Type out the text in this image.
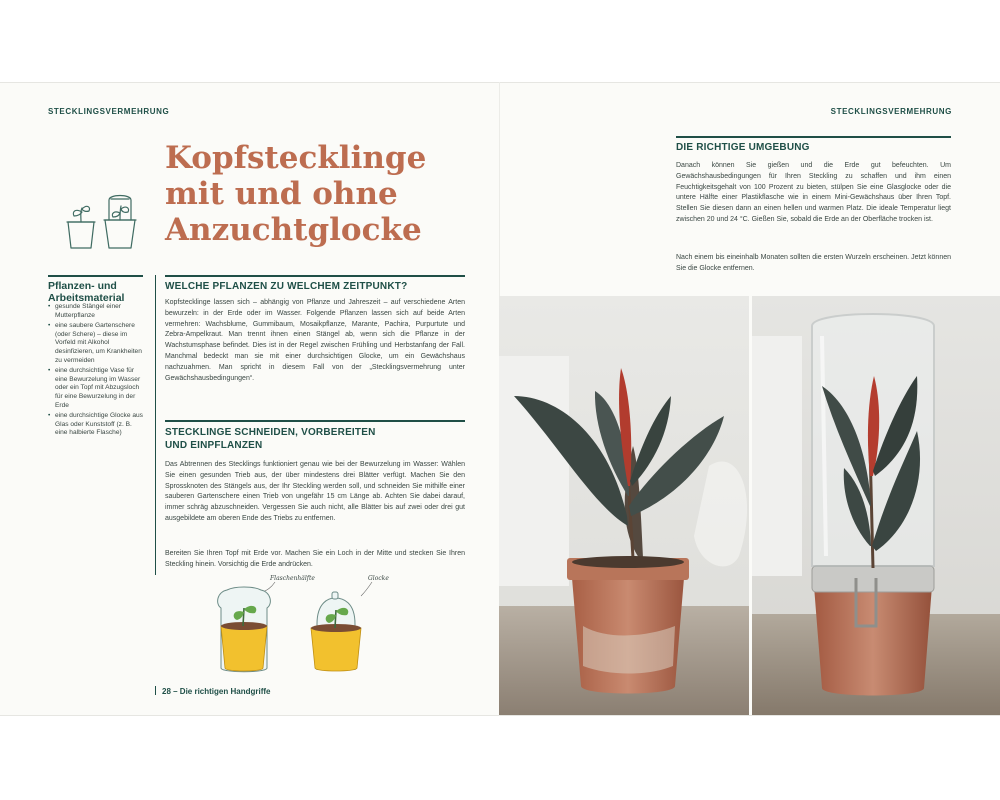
STECKLINGSVERMEHRUNG
Kopfstecklinge
mit und ohne
Anzuchtglocke
Pflanzen- und
Arbeitsmaterial
• gesunde Stängel einer Mutterpflanze
• eine saubere Gartenschere (oder Schere) – diese im Vorfeld mit Alkohol desinfizieren, um Krankheiten zu vermeiden
• eine durchsichtige Vase für eine Bewurzelung im Wasser oder ein Topf mit Abzugsloch für eine Bewurzelung in der Erde
• eine durchsichtige Glocke aus Glas oder Kunststoff (z. B. eine halbierte Flasche)
WELCHE PFLANZEN ZU WELCHEM ZEITPUNKT?
Kopfstecklinge lassen sich – abhängig von Pflanze und Jahreszeit – auf verschiedene Arten bewurzeln: in der Erde oder im Wasser. Folgende Pflanzen lassen sich auf beide Arten vermehren: Wachsblume, Gummibaum, Mosaikpflanze, Marante, Pachira, Purpurtute und Zebra-Ampelkraut. Man trennt ihnen einen Stängel ab, wenn sich die Pflanze in der Wachstumsphase befindet. Dies ist in der Regel zwischen Frühling und Herbstanfang der Fall. Manchmal bedeckt man sie mit einer durchsichtigen Glocke, um ein Gewächshaus nachzuahmen. Man spricht in diesem Fall von der „Stecklingsvermehrung unter Gewächshausbedingungen“.
STECKLINGE SCHNEIDEN, VORBEREITEN
UND EINPFLANZEN
Das Abtrennen des Stecklings funktioniert genau wie bei der Bewurzelung im Wasser: Wählen Sie einen gesunden Trieb aus, der über mindestens drei Blätter verfügt. Machen Sie den Sprossknoten des Stängels aus, der Ihr Steckling werden soll, und schneiden Sie mithilfe einer sauberen Gartenschere einen Trieb von ungefähr 15 cm Länge ab. Achten Sie dabei darauf, immer schräg abzuschneiden. Vergessen Sie auch nicht, alle Blätter bis auf zwei oder drei gut ausgebildete am oberen Ende des Triebs zu entfernen.
Bereiten Sie Ihren Topf mit Erde vor. Machen Sie ein Loch in der Mitte und stecken Sie Ihren Steckling hinein. Vorsichtig die Erde andrücken.
Flaschenhälfte	Glocke
28 – Die richtigen Handgriffe
STECKLINGSVERMEHRUNG
DIE RICHTIGE UMGEBUNG
Danach können Sie gießen und die Erde gut befeuchten. Um Gewächshausbedingungen für Ihren Steckling zu schaffen und ihm einen Feuchtigkeitsgehalt von 100 Prozent zu bieten, stülpen Sie eine Glasglocke oder die untere Hälfte einer Plastikflasche wie in einem Mini-Gewächshaus über Ihren Topf. Stellen Sie diesen dann an einen hellen und warmen Platz. Die ideale Temperatur liegt zwischen 20 und 24 °C. Gießen Sie, sobald die Erde an der Oberfläche trocken ist.
Nach einem bis eineinhalb Monaten sollten die ersten Wurzeln erscheinen. Jetzt können Sie die Glocke entfernen.
